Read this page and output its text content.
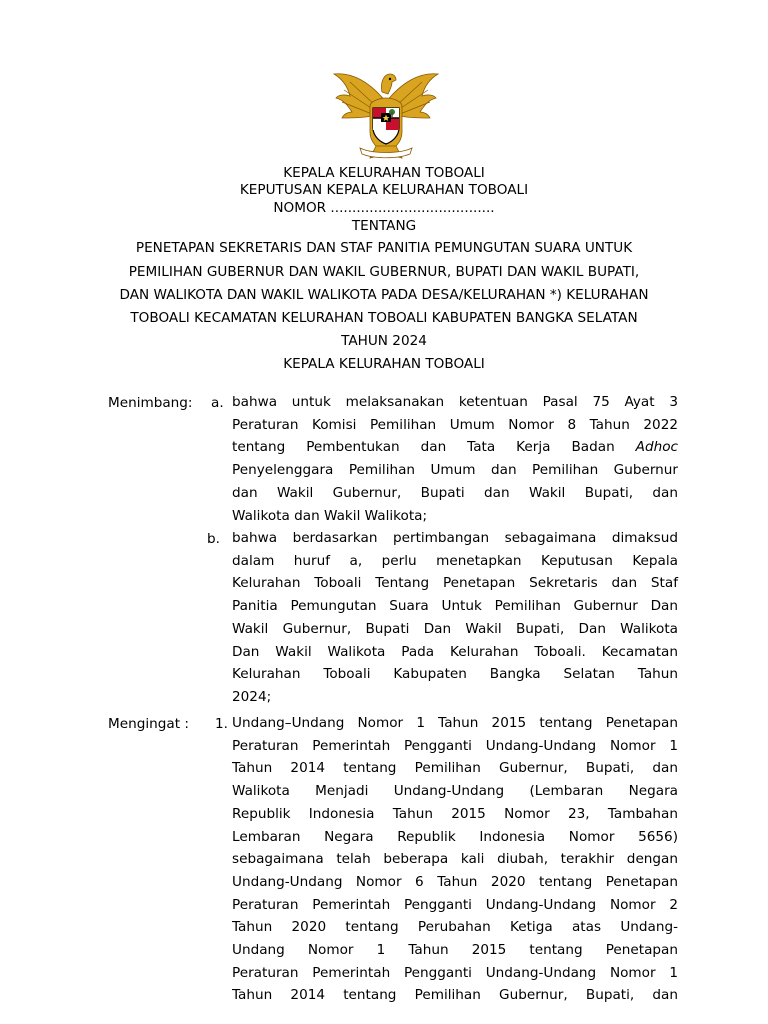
KEPALA KELURAHAN TOBOALI
KEPUTUSAN KEPALA KELURAHAN TOBOALI
NOMOR ......................................
TENTANG
PENETAPAN SEKRETARIS DAN STAF PANITIA PEMUNGUTAN SUARA UNTUK
PEMILIHAN GUBERNUR DAN WAKIL GUBERNUR, BUPATI DAN WAKIL BUPATI,
DAN WALIKOTA DAN WAKIL WALIKOTA PADA DESA/KELURAHAN *) KELURAHAN
TOBOALI KECAMATAN KELURAHAN TOBOALI KABUPATEN BANGKA SELATAN
TAHUN 2024
KEPALA KELURAHAN TOBOALI
Menimbang: a. bahwa untuk melaksanakan ketentuan Pasal 75 Ayat 3
Peraturan Komisi Pemilihan Umum Nomor 8 Tahun 2022
tentang Pembentukan dan Tata Kerja Badan Adhoc
Penyelenggara Pemilihan Umum dan Pemilihan Gubernur
dan Wakil Gubernur, Bupati dan Wakil Bupati, dan
Walikota dan Wakil Walikota;
b. bahwa berdasarkan pertimbangan sebagaimana dimaksud
dalam huruf a, perlu menetapkan Keputusan Kepala
Kelurahan Toboali Tentang Penetapan Sekretaris dan Staf
Panitia Pemungutan Suara Untuk Pemilihan Gubernur Dan
Wakil Gubernur, Bupati Dan Wakil Bupati, Dan Walikota
Dan Wakil Walikota Pada Kelurahan Toboali. Kecamatan
Kelurahan Toboali Kabupaten Bangka Selatan Tahun
2024;
Mengingat : 1. Undang–Undang Nomor 1 Tahun 2015 tentang Penetapan
Peraturan Pemerintah Pengganti Undang-Undang Nomor 1
Tahun 2014 tentang Pemilihan Gubernur, Bupati, dan
Walikota Menjadi Undang-Undang (Lembaran Negara
Republik Indonesia Tahun 2015 Nomor 23, Tambahan
Lembaran Negara Republik Indonesia Nomor 5656)
sebagaimana telah beberapa kali diubah, terakhir dengan
Undang-Undang Nomor 6 Tahun 2020 tentang Penetapan
Peraturan Pemerintah Pengganti Undang-Undang Nomor 2
Tahun 2020 tentang Perubahan Ketiga atas Undang-
Undang Nomor 1 Tahun 2015 tentang Penetapan
Peraturan Pemerintah Pengganti Undang-Undang Nomor 1
Tahun 2014 tentang Pemilihan Gubernur, Bupati, dan
